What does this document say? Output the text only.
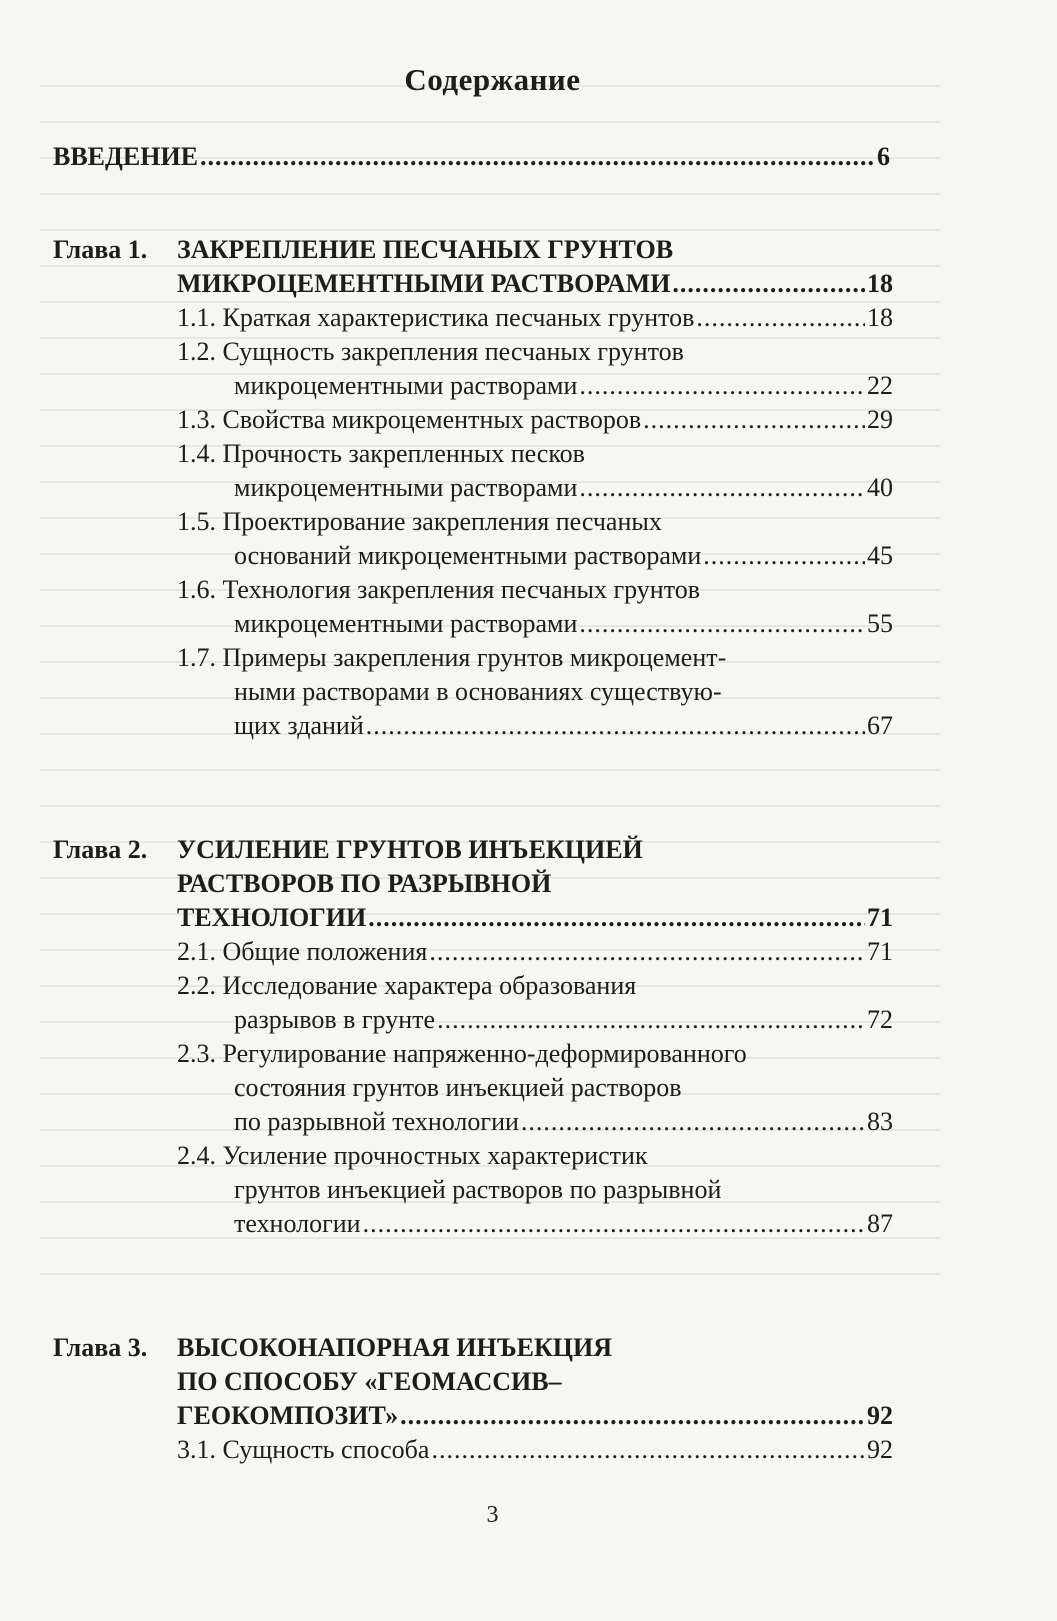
Содержание
ВВЕДЕНИЕ .....	6
Глава 1.	ЗАКРЕПЛЕНИЕ ПЕСЧАНЫХ ГРУНТОВ
МИКРОЦЕМЕНТНЫМИ РАСТВОРАМИ .....	18
1.1. Краткая характеристика песчаных грунтов .....	18
1.2. Сущность закрепления песчаных грунтов
микроцементными растворами .....	22
1.3. Свойства микроцементных растворов .....	29
1.4. Прочность закрепленных песков
микроцементными растворами .....	40
1.5. Проектирование закрепления песчаных
оснований микроцементными растворами .....	45
1.6. Технология закрепления песчаных грунтов
микроцементными растворами .....	55
1.7. Примеры закрепления грунтов микроцемент-
ными растворами в основаниях существую-
щих зданий .....	67
Глава 2.	УСИЛЕНИЕ ГРУНТОВ ИНЪЕКЦИЕЙ
РАСТВОРОВ ПО РАЗРЫВНОЙ
ТЕХНОЛОГИИ .....	71
2.1. Общие положения .....	71
2.2. Исследование характера образования
разрывов в грунте .....	72
2.3. Регулирование напряженно-деформированного
состояния грунтов инъекцией растворов
по разрывной технологии .....	83
2.4. Усиление прочностных характеристик
грунтов инъекцией растворов по разрывной
технологии .....	87
Глава 3.	ВЫСОКОНАПОРНАЯ ИНЪЕКЦИЯ
ПО СПОСОБУ «ГЕОМАССИВ–
ГЕОКОМПОЗИТ» .....	92
3.1. Сущность способа .....	92
3
